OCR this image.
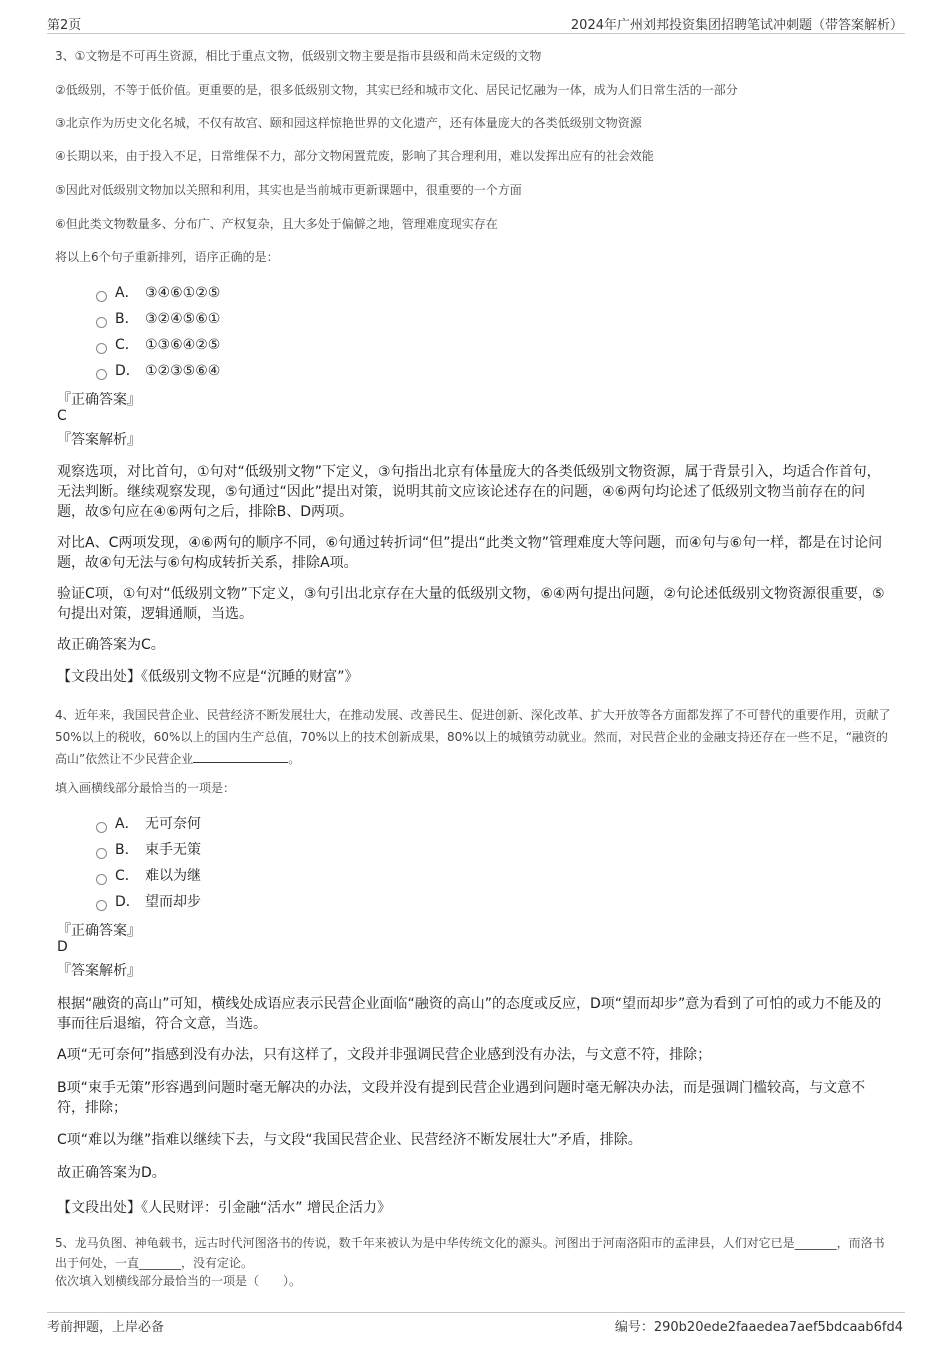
第2页	2024年广州刘邦投资集团招聘笔试冲刺题（带答案解析）
3、①文物是不可再生资源，相比于重点文物，低级别文物主要是指市县级和尚未定级的文物
②低级别，不等于低价值。更重要的是，很多低级别文物，其实已经和城市文化、居民记忆融为一体，成为人们日常生活的一部分
③北京作为历史文化名城，不仅有故宫、颐和园这样惊艳世界的文化遗产，还有体量庞大的各类低级别文物资源
④长期以来，由于投入不足，日常维保不力，部分文物闲置荒废，影响了其合理利用，难以发挥出应有的社会效能
⑤因此对低级别文物加以关照和利用，其实也是当前城市更新课题中，很重要的一个方面
⑥但此类文物数量多、分布广、产权复杂，且大多处于偏僻之地，管理难度现实存在
将以上6个句子重新排列，语序正确的是：
A． ③④⑥①②⑤
B． ③②④⑤⑥①
C． ①③⑥④②⑤
D． ①②③⑤⑥④
『正确答案』
C
『答案解析』
观察选项，对比首句，①句对“低级别文物”下定义，③句指出北京有体量庞大的各类低级别文物资源，属于背景引入，均适合作首句，无法判断。继续观察发现，⑤句通过“因此”提出对策，说明其前文应该论述存在的问题，④⑥两句均论述了低级别文物当前存在的问题，故⑤句应在④⑥两句之后，排除B、D两项。
对比A、C两项发现，④⑥两句的顺序不同，⑥句通过转折词“但”提出“此类文物”管理难度大等问题，而④句与⑥句一样，都是在讨论问题，故④句无法与⑥句构成转折关系，排除A项。
验证C项，①句对“低级别文物”下定义，③句引出北京存在大量的低级别文物，⑥④两句提出问题，②句论述低级别文物资源很重要，⑤句提出对策，逻辑通顺，当选。
故正确答案为C。
【文段出处】《低级别文物不应是“沉睡的财富”》
4、近年来，我国民营企业、民营经济不断发展壮大，在推动发展、改善民生、促进创新、深化改革、扩大开放等各方面都发挥了不可替代的重要作用，贡献了50%以上的税收，60%以上的国内生产总值，70%以上的技术创新成果，80%以上的城镇劳动就业。然而，对民营企业的金融支持还存在一些不足，“融资的高山”依然让不少民营企业	。
填入画横线部分最恰当的一项是：
A． 无可奈何
B． 束手无策
C． 难以为继
D． 望而却步
『正确答案』
D
『答案解析』
根据“融资的高山”可知，横线处成语应表示民营企业面临“融资的高山”的态度或反应，D项“望而却步”意为看到了可怕的或力不能及的事而往后退缩，符合文意，当选。
A项“无可奈何”指感到没有办法，只有这样了，文段并非强调民营企业感到没有办法，与文意不符，排除；
B项“束手无策”形容遇到问题时毫无解决的办法，文段并没有提到民营企业遇到问题时毫无解决办法，而是强调门槛较高，与文意不符，排除；
C项“难以为继”指难以继续下去，与文段“我国民营企业、民营经济不断发展壮大”矛盾，排除。
故正确答案为D。
【文段出处】《人民财评：引金融“活水” 增民企活力》
5、龙马负图、神龟载书，远古时代河图洛书的传说，数千年来被认为是中华传统文化的源头。河图出于河南洛阳市的孟津县，人们对它已是_______，而洛书出于何处，一直_______，没有定论。
依次填入划横线部分最恰当的一项是（　　）。
考前押题，上岸必备	编号：290b20ede2faaedea7aef5bdcaab6fd4
